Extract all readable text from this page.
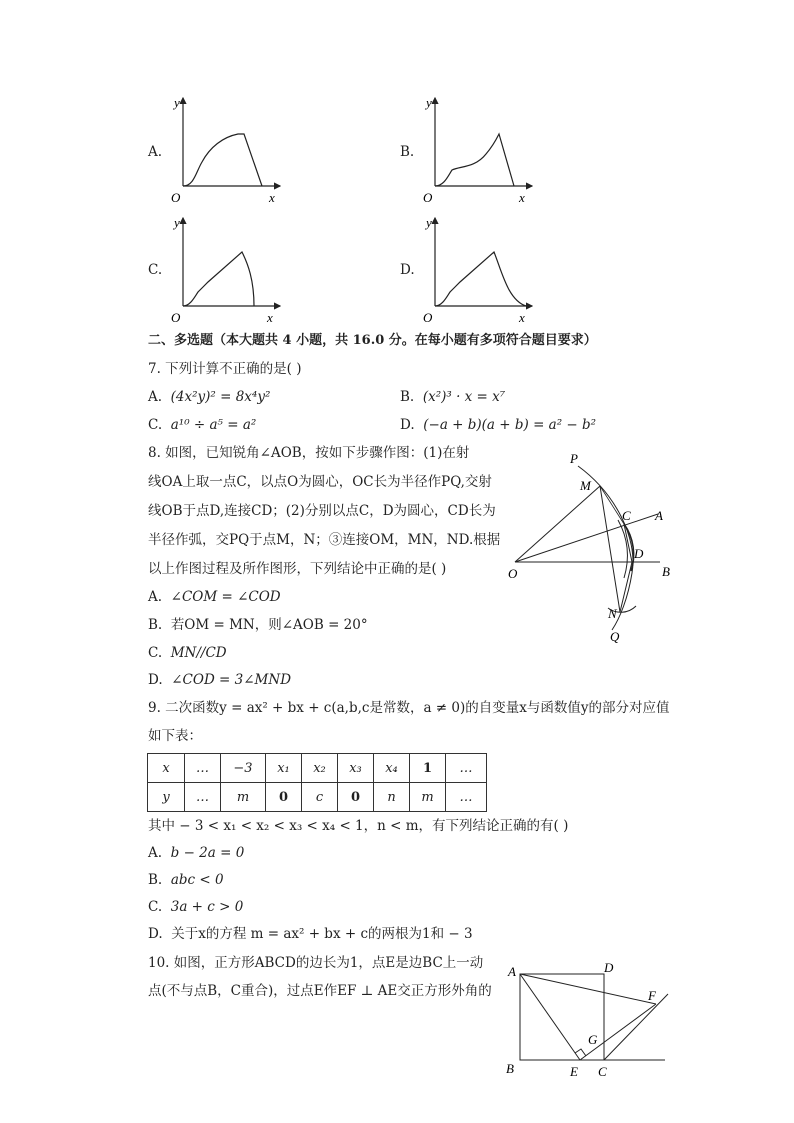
A.
y
x
O
B.
y
x
O
C.
y
x
O
D.
y
x
O
二、多选题（本大题共 4 小题，共 16.0 分。在每小题有多项符合题目要求）
7. 下列计算不正确的是( )
A. (4x²y)² = 8x⁴y²	B. (x²)³ · x = x⁷
C. a¹⁰ ÷ a⁵ = a²	D. (−a + b)(a + b) = a² − b²
8. 如图，已知锐角∠AOB，按如下步骤作图：(1)在射
线OA上取一点C，以点O为圆心，OC长为半径作PQ,交射
线OB于点D,连接CD；(2)分别以点C，D为圆心，CD长为
半径作弧，交PQ于点M，N；③连接OM，MN，ND.根据
以上作图过程及所作图形，下列结论中正确的是( )
A. ∠COM = ∠COD
B. 若OM = MN，则∠AOB = 20°
C. MN//CD
D. ∠COD = 3∠MND
P
M
C A
D
O	B
N
Q
9. 二次函数y = ax² + bx + c(a,b,c是常数，a ≠ 0)的自变量x与函数值y的部分对应值
如下表：
x	…	−3	x₁	x₂	x₃	x₄	1	…
y	…	m	0	c	0	n	m	…
其中 − 3 < x₁ < x₂ < x₃ < x₄ < 1，n < m，有下列结论正确的有( )
A. b − 2a = 0
B. abc < 0
C. 3a + c > 0
D. 关于x的方程 m = ax² + bx + c的两根为1和 − 3
10. 如图，正方形ABCD的边长为1，点E是边BC上一动
点(不与点B，C重合)，过点E作EF ⊥ AE交正方形外角的
A	D
F
G
B	E C
